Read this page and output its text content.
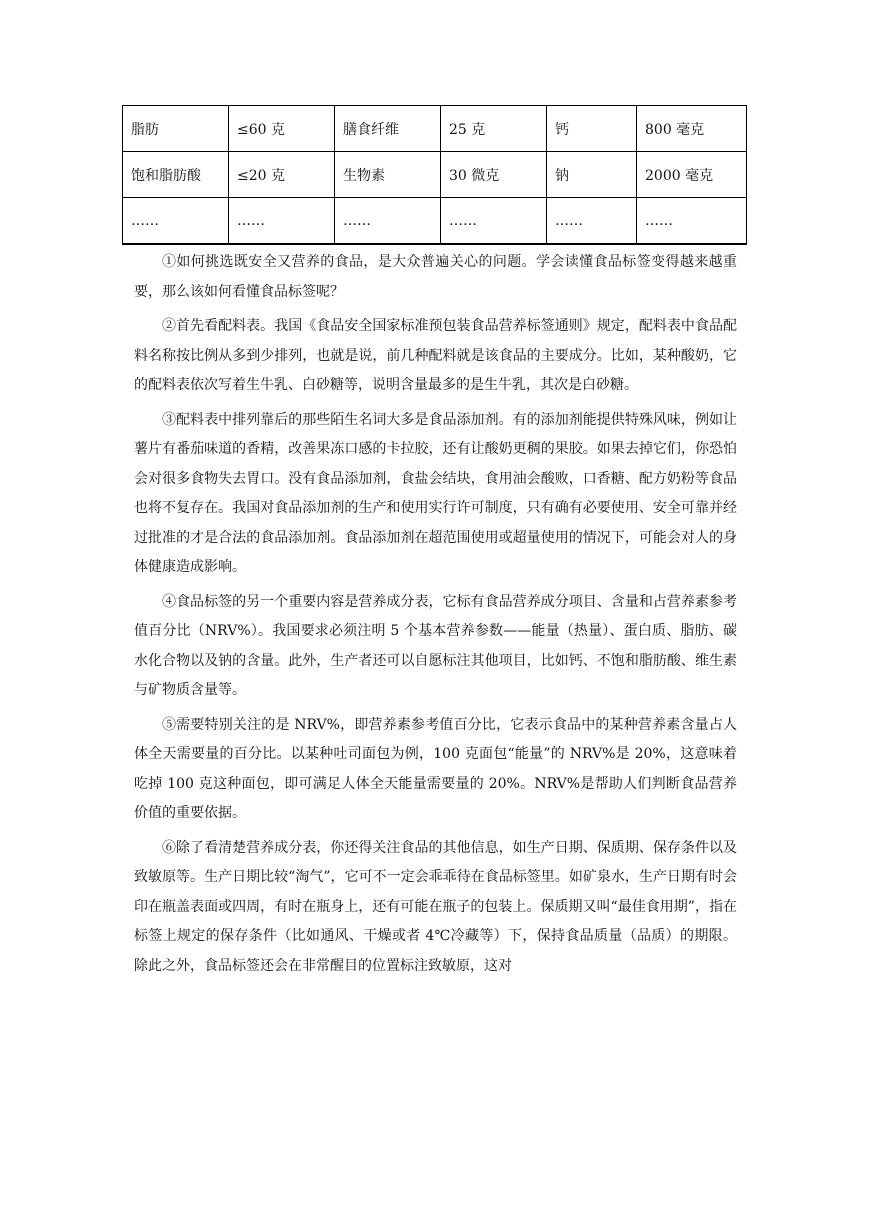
脂肪	≤60 克	膳食纤维	25 克	钙	800 毫克
饱和脂肪酸	≤20 克	生物素	30 微克	钠	2000 毫克
……	……	……	……	……	……

①如何挑选既安全又营养的食品，是大众普遍关心的问题。学会读懂食品标签变得越来越重要，那么该如何看懂食品标签呢？

②首先看配料表。我国《食品安全国家标准预包装食品营养标签通则》规定，配料表中食品配料名称按比例从多到少排列，也就是说，前几种配料就是该食品的主要成分。比如，某种酸奶，它的配料表依次写着生牛乳、白砂糖等，说明含量最多的是生牛乳，其次是白砂糖。

③配料表中排列靠后的那些陌生名词大多是食品添加剂。有的添加剂能提供特殊风味，例如让薯片有番茄味道的香精，改善果冻口感的卡拉胶，还有让酸奶更稠的果胶。如果去掉它们，你恐怕会对很多食物失去胃口。没有食品添加剂，食盐会结块，食用油会酸败，口香糖、配方奶粉等食品也将不复存在。我国对食品添加剂的生产和使用实行许可制度，只有确有必要使用、安全可靠并经过批准的才是合法的食品添加剂。食品添加剂在超范围使用或超量使用的情况下，可能会对人的身体健康造成影响。

④食品标签的另一个重要内容是营养成分表，它标有食品营养成分项目、含量和占营养素参考值百分比（NRV%）。我国要求必须注明 5 个基本营养参数——能量（热量）、蛋白质、脂肪、碳水化合物以及钠的含量。此外，生产者还可以自愿标注其他项目，比如钙、不饱和脂肪酸、维生素与矿物质含量等。

⑤需要特别关注的是 NRV%，即营养素参考值百分比，它表示食品中的某种营养素含量占人体全天需要量的百分比。以某种吐司面包为例，100 克面包“能量”的 NRV%是 20%，这意味着吃掉 100 克这种面包，即可满足人体全天能量需要量的 20%。NRV%是帮助人们判断食品营养价值的重要依据。

⑥除了看清楚营养成分表，你还得关注食品的其他信息，如生产日期、保质期、保存条件以及致敏原等。生产日期比较“淘气”，它可不一定会乖乖待在食品标签里。如矿泉水，生产日期有时会印在瓶盖表面或四周，有时在瓶身上，还有可能在瓶子的包装上。保质期又叫“最佳食用期”，指在标签上规定的保存条件（比如通风、干燥或者 4℃冷藏等）下，保持食品质量（品质）的期限。除此之外，食品标签还会在非常醒目的位置标注致敏原，这对
